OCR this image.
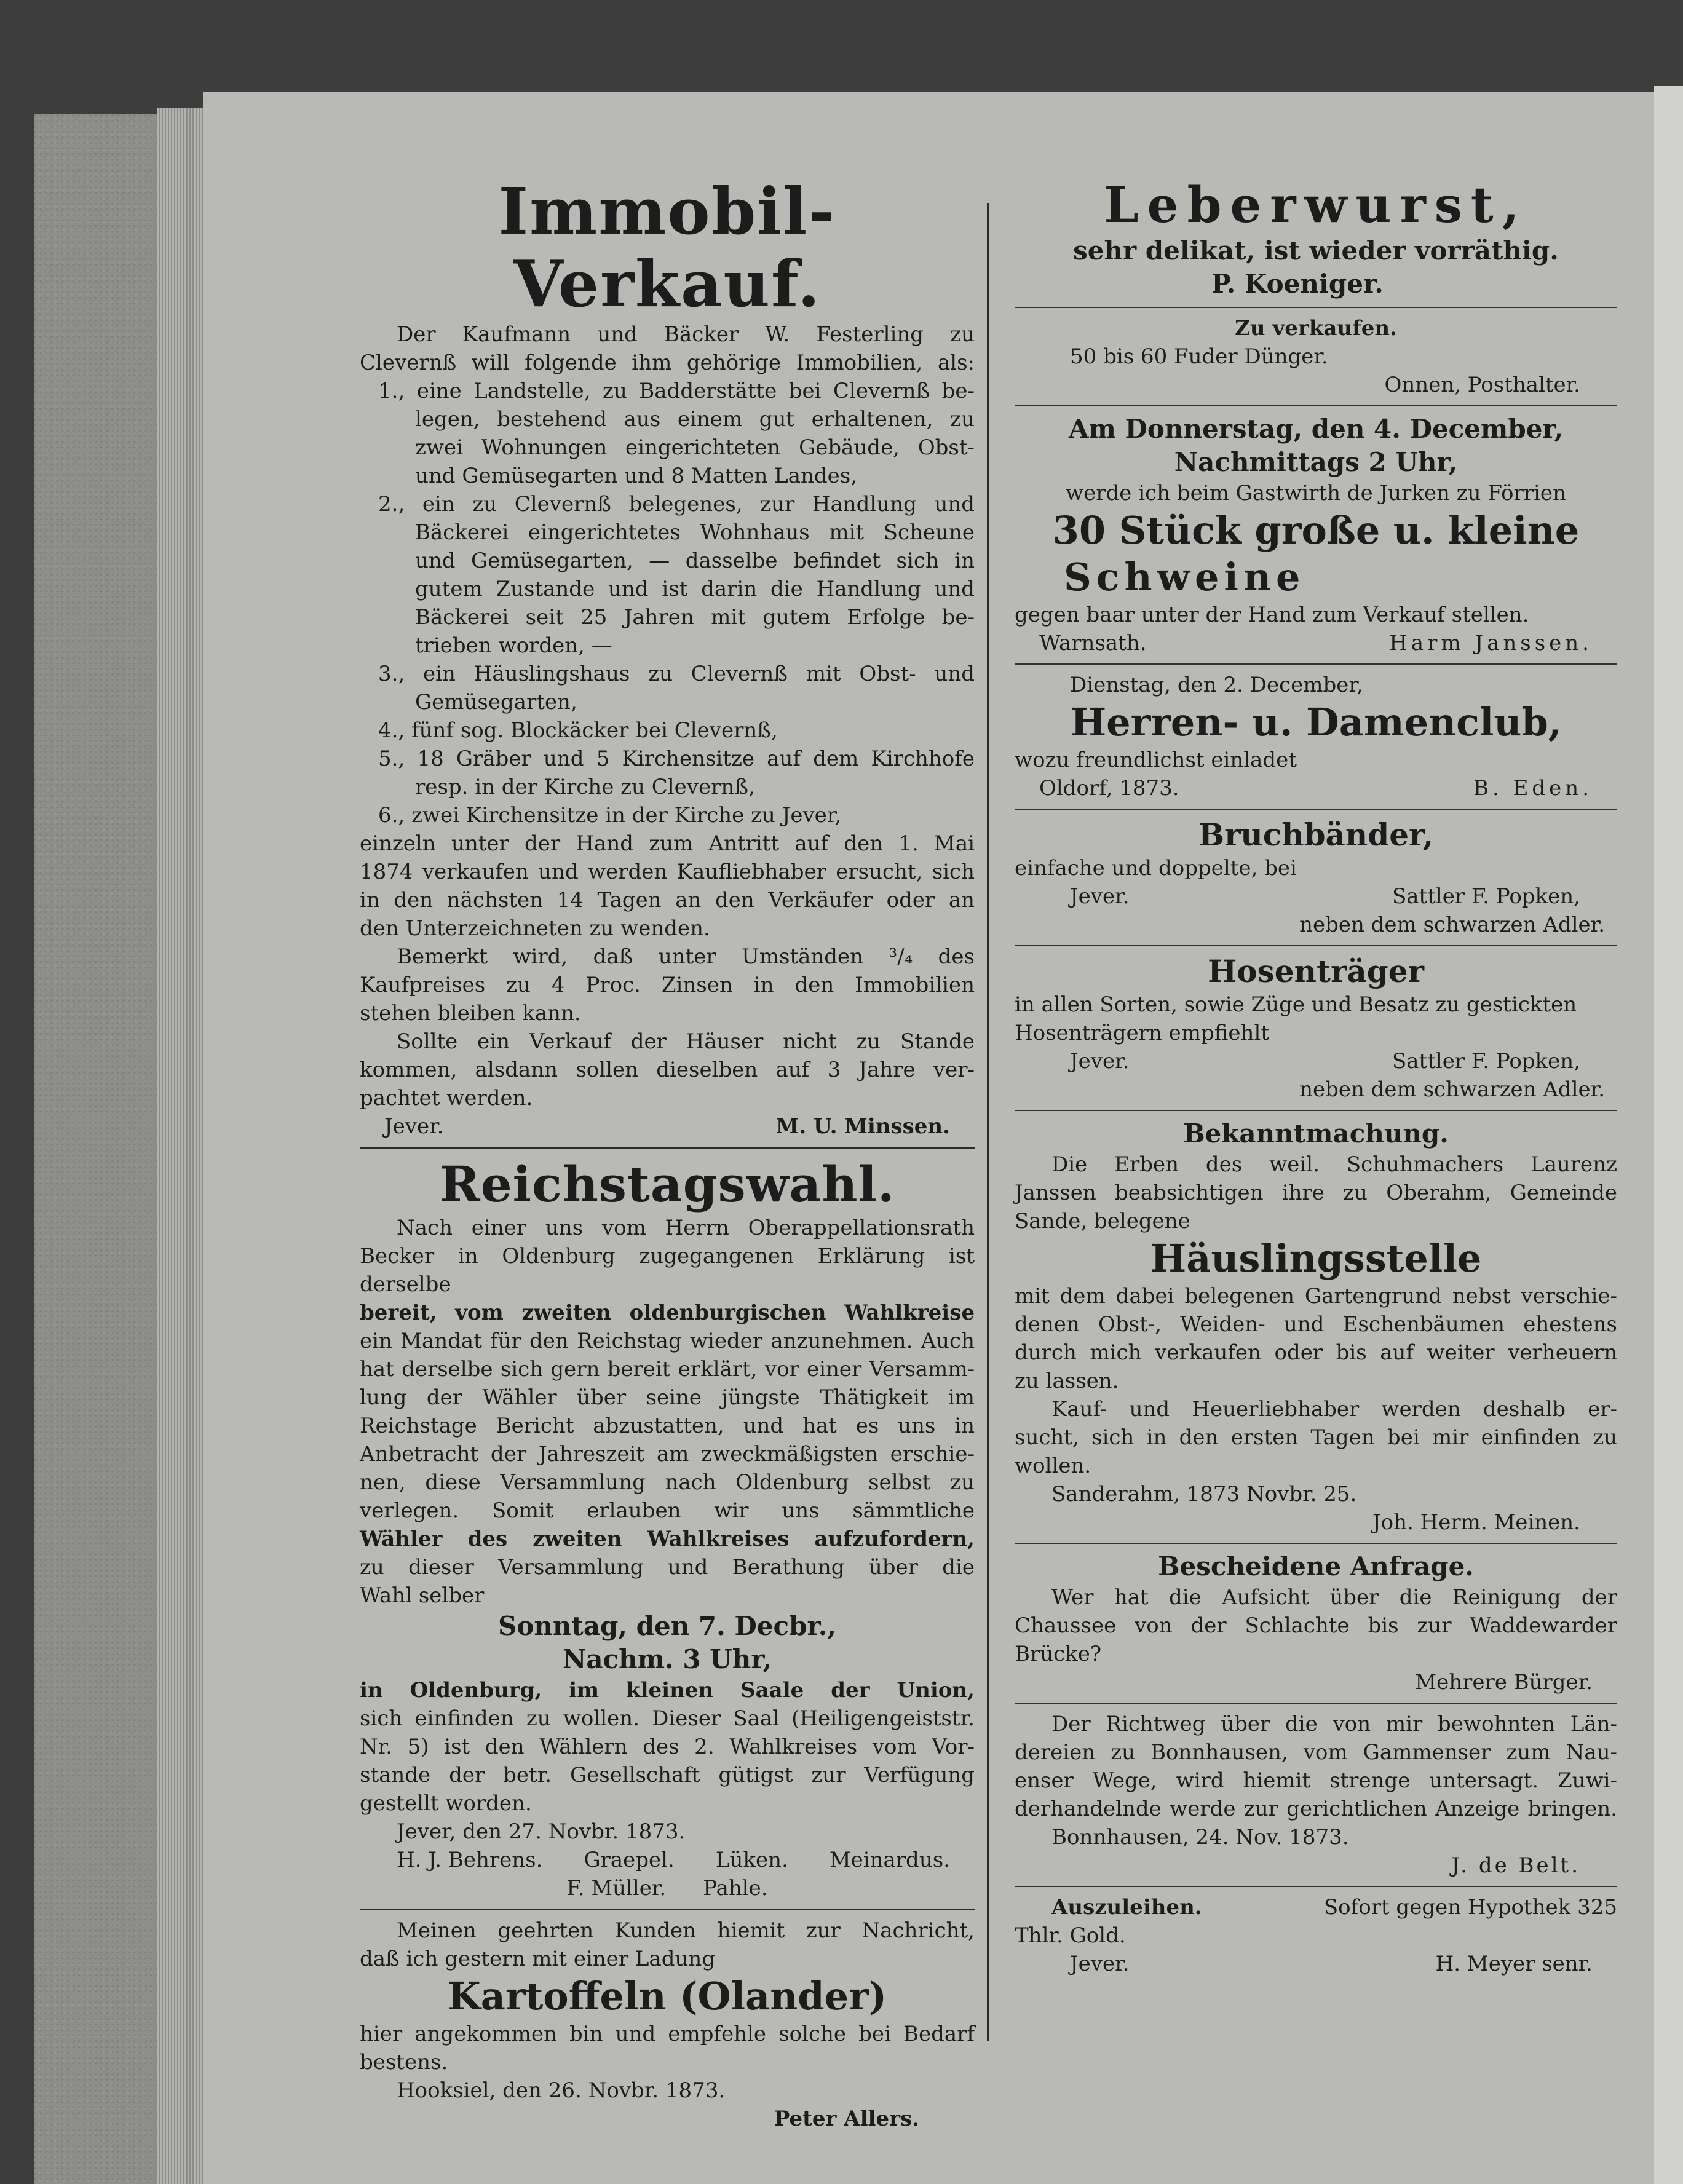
Immobil-Verkauf.

Der Kaufmann und Bäcker W. Festerling zu

Clevernß will folgende ihm gehörige Immobilien, als:

1., eine Landstelle, zu Badderstätte bei Clevernß be-

legen, bestehend aus einem gut erhaltenen, zu

zwei Wohnungen eingerichteten Gebäude, Obst-

und Gemüsegarten und 8 Matten Landes,

2., ein zu Clevernß belegenes, zur Handlung und

Bäckerei eingerichtetes Wohnhaus mit Scheune

und Gemüsegarten, — dasselbe befindet sich in

gutem Zustande und ist darin die Handlung und

Bäckerei seit 25 Jahren mit gutem Erfolge be-

trieben worden, —

3., ein Häuslingshaus zu Clevernß mit Obst- und

Gemüsegarten,

4., fünf sog. Blockäcker bei Clevernß,

5., 18 Gräber und 5 Kirchensitze auf dem Kirchhofe

resp. in der Kirche zu Clevernß,

6., zwei Kirchensitze in der Kirche zu Jever,

einzeln unter der Hand zum Antritt auf den 1. Mai

1874 verkaufen und werden Kaufliebhaber ersucht, sich

in den nächsten 14 Tagen an den Verkäufer oder an

den Unterzeichneten zu wenden.

Bemerkt wird, daß unter Umständen ³/₄ des

Kaufpreises zu 4 Proc. Zinsen in den Immobilien

stehen bleiben kann.

Sollte ein Verkauf der Häuser nicht zu Stande

kommen, alsdann sollen dieselben auf 3 Jahre ver-

pachtet werden.

Jever.	M. U. Minssen.
Reichstagswahl.

Nach einer uns vom Herrn Oberappellationsrath

Becker in Oldenburg zugegangenen Erklärung ist derselbe

bereit, vom zweiten oldenburgischen Wahlkreise

ein Mandat für den Reichstag wieder anzunehmen. Auch

hat derselbe sich gern bereit erklärt, vor einer Versamm-

lung der Wähler über seine jüngste Thätigkeit im

Reichstage Bericht abzustatten, und hat es uns in

Anbetracht der Jahreszeit am zweckmäßigsten erschie-

nen, diese Versammlung nach Oldenburg selbst zu

verlegen. Somit erlauben wir uns sämmtliche

Wähler des zweiten Wahlkreises aufzufordern,

zu dieser Versammlung und Berathung über die

Wahl selber

Sonntag, den 7. Decbr.,

Nachm. 3 Uhr,

in Oldenburg, im kleinen Saale der Union,

sich einfinden zu wollen. Dieser Saal (Heiligengeiststr.

Nr. 5) ist den Wählern des 2. Wahlkreises vom Vor-

stande der betr. Gesellschaft gütigst zur Verfügung

gestellt worden.

Jever, den 27. Novbr. 1873.

H. J. Behrens. Graepel. Lüken. Meinardus.
F. Müller. Pahle.

Meinen geehrten Kunden hiemit zur Nachricht,

daß ich gestern mit einer Ladung

Kartoffeln (Olander)

hier angekommen bin und empfehle solche bei Bedarf

bestens.

Hooksiel, den 26. Novbr. 1873.

Peter Allers.

Leberwurst,

sehr delikat, ist wieder vorräthig.

P. Koeniger.

Zu verkaufen.

50 bis 60 Fuder Dünger.

Onnen, Posthalter.

Am Donnerstag, den 4. December,

Nachmittags 2 Uhr,

werde ich beim Gastwirth de Jurken zu Förrien

30 Stück große u. kleine

Schweine

gegen baar unter der Hand zum Verkauf stellen.

Warnsath.	Harm Janssen.

Dienstag, den 2. December,

Herren- u. Damenclub,

wozu freundlichst einladet

Oldorf, 1873.	B. Eden.

Bruchbänder,

einfache und doppelte, bei

Jever.	Sattler F. Popken,

neben dem schwarzen Adler.

Hosenträger

in allen Sorten, sowie Züge und Besatz zu gestickten

Hosenträgern empfiehlt

Jever.	Sattler F. Popken,

neben dem schwarzen Adler.

Bekanntmachung.

Die Erben des weil. Schuhmachers Laurenz

Janssen beabsichtigen ihre zu Oberahm, Gemeinde

Sande, belegene

Häuslingsstelle

mit dem dabei belegenen Gartengrund nebst verschie-

denen Obst-, Weiden- und Eschenbäumen ehestens

durch mich verkaufen oder bis auf weiter verheuern

zu lassen.

Kauf- und Heuerliebhaber werden deshalb er-

sucht, sich in den ersten Tagen bei mir einfinden zu

wollen.

Sanderahm, 1873 Novbr. 25.

Joh. Herm. Meinen.

Bescheidene Anfrage.

Wer hat die Aufsicht über die Reinigung der

Chaussee von der Schlachte bis zur Waddewarder

Brücke?

Mehrere Bürger.

Der Richtweg über die von mir bewohnten Län-

dereien zu Bonnhausen, vom Gammenser zum Nau-

enser Wege, wird hiemit strenge untersagt. Zuwi-

derhandelnde werde zur gerichtlichen Anzeige bringen.

Bonnhausen, 24. Nov. 1873.

J. de Belt.

Auszuleihen.	Sofort gegen Hypothek 325

Thlr. Gold.

Jever.	H. Meyer senr.
